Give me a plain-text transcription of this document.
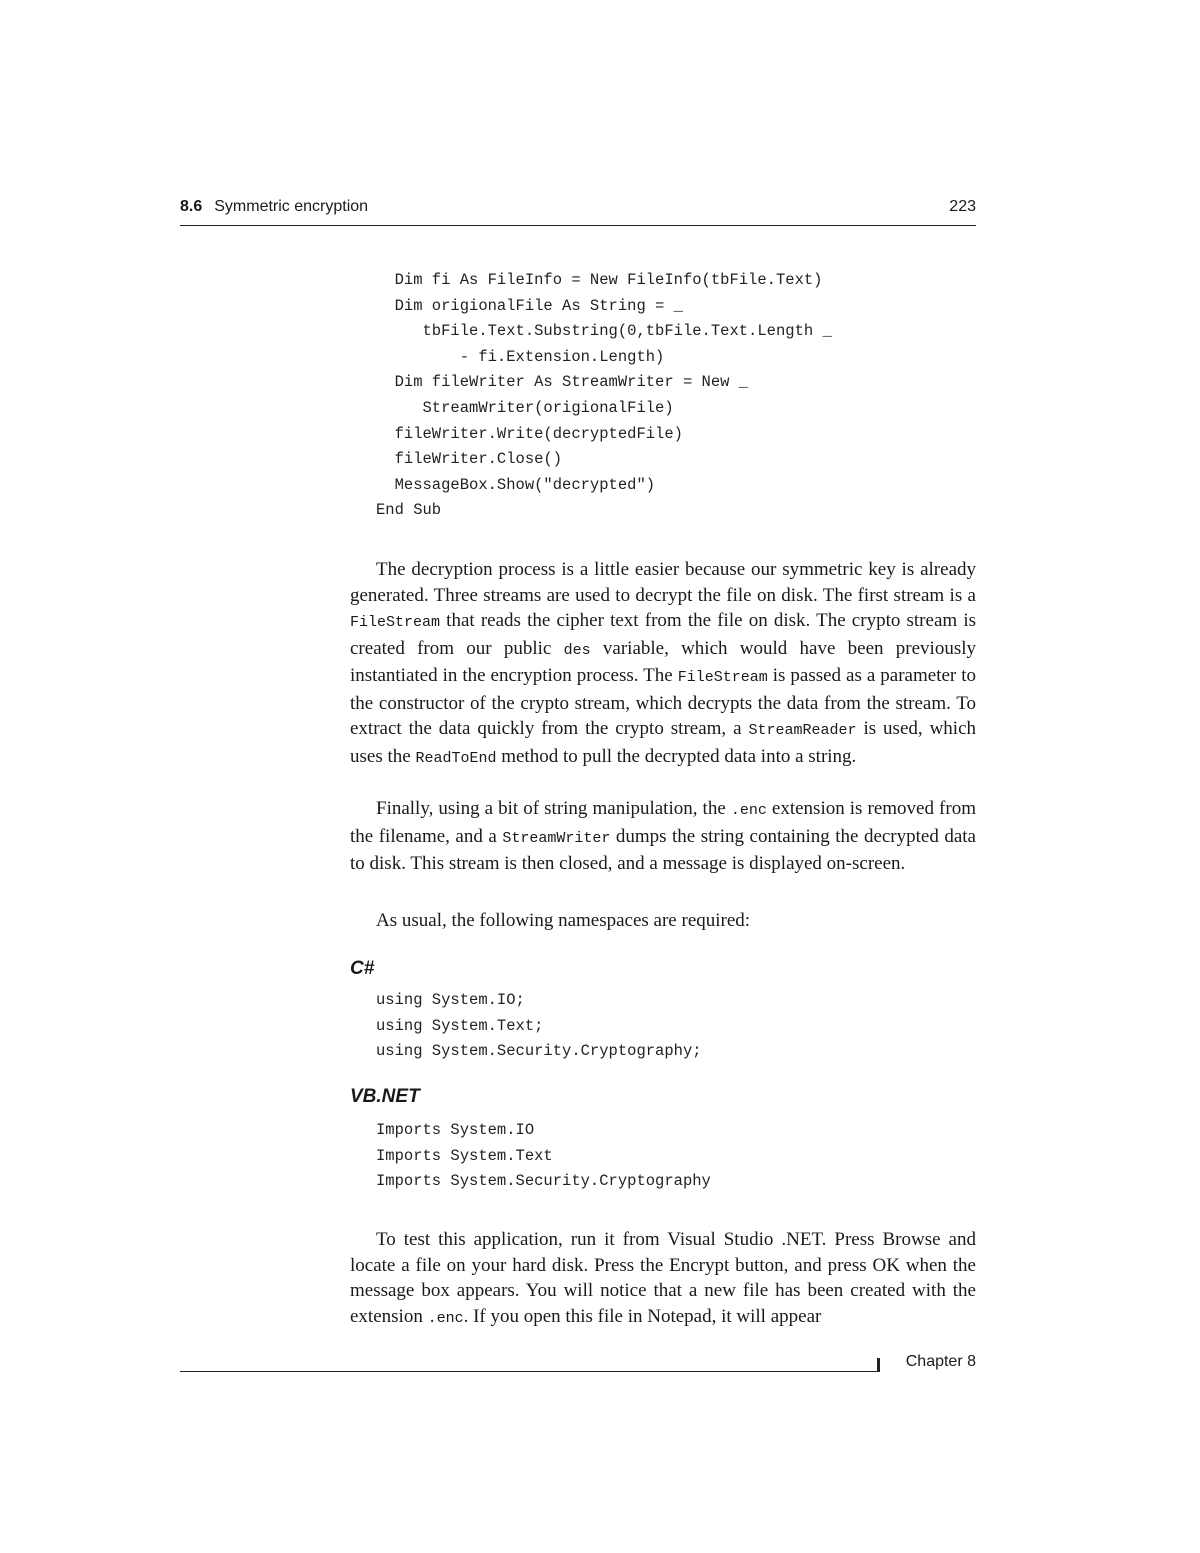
8.6 Symmetric encryption	223
Dim fi As FileInfo = New FileInfo(tbFile.Text)
Dim origionalFile As String = _
tbFile.Text.Substring(0,tbFile.Text.Length _
- fi.Extension.Length)
Dim fileWriter As StreamWriter = New _
StreamWriter(origionalFile)
fileWriter.Write(decryptedFile)
fileWriter.Close()
MessageBox.Show("decrypted")
End Sub

The decryption process is a little easier because our symmetric key is already generated. Three streams are used to decrypt the file on disk. The first stream is a FileStream that reads the cipher text from the file on disk. The crypto stream is created from our public des variable, which would have been previously instantiated in the encryption process. The FileStream is passed as a parameter to the constructor of the crypto stream, which decrypts the data from the stream. To extract the data quickly from the crypto stream, a StreamReader is used, which uses the ReadToEnd method to pull the decrypted data into a string.

Finally, using a bit of string manipulation, the .enc extension is removed from the filename, and a StreamWriter dumps the string containing the decrypted data to disk. This stream is then closed, and a message is displayed on-screen.

As usual, the following namespaces are required:

C#
using System.IO;
using System.Text;
using System.Security.Cryptography;
VB.NET
Imports System.IO
Imports System.Text
Imports System.Security.Cryptography

To test this application, run it from Visual Studio .NET. Press Browse and locate a file on your hard disk. Press the Encrypt button, and press OK when the message box appears. You will notice that a new file has been created with the extension .enc. If you open this file in Notepad, it will appear

Chapter 8
